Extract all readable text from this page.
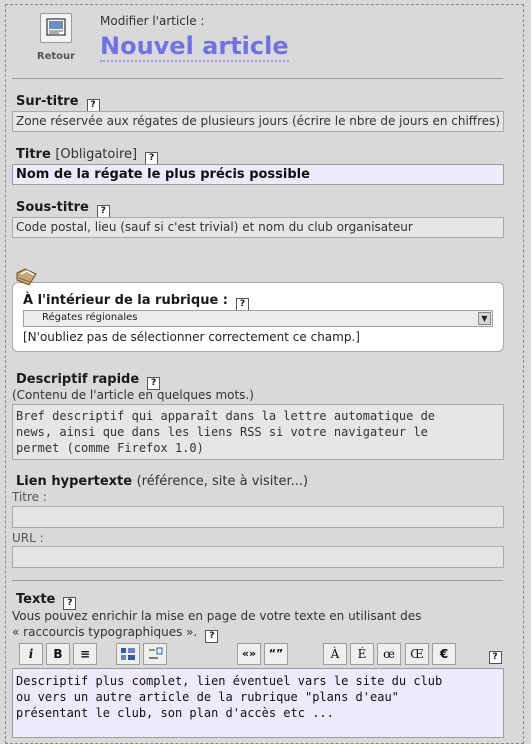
Retour
Modifier l'article :
Nouvel article
Sur-titre ?
Zone réservée aux régates de plusieurs jours (écrire le nbre de jours en chiffres)
Titre [Obligatoire] ?
Nom de la régate le plus précis possible
Sous-titre ?
Code postal, lieu (sauf si c'est trivial) et nom du club organisateur
À l'intérieur de la rubrique : ?
Régates régionales	▼
[N'oubliez pas de sélectionner correctement ce champ.]
Descriptif rapide ?
(Contenu de l'article en quelques mots.)
Bref descriptif qui apparaît dans la lettre automatique de
news, ainsi que dans les liens RSS si votre navigateur le
permet (comme Firefox 1.0)
Lien hypertexte (référence, site à visiter...)
Titre :
URL :
Texte ?
Vous pouvez enrichir la mise en page de votre texte en utilisant des
« raccourcis typographiques ». ?
i	B	≡	«»	“”	À	É	œ	Œ	€	?
Descriptif plus complet, lien éventuel vars le site du club
ou vers un autre article de la rubrique "plans d'eau"
présentant le club, son plan d'accès etc ...
